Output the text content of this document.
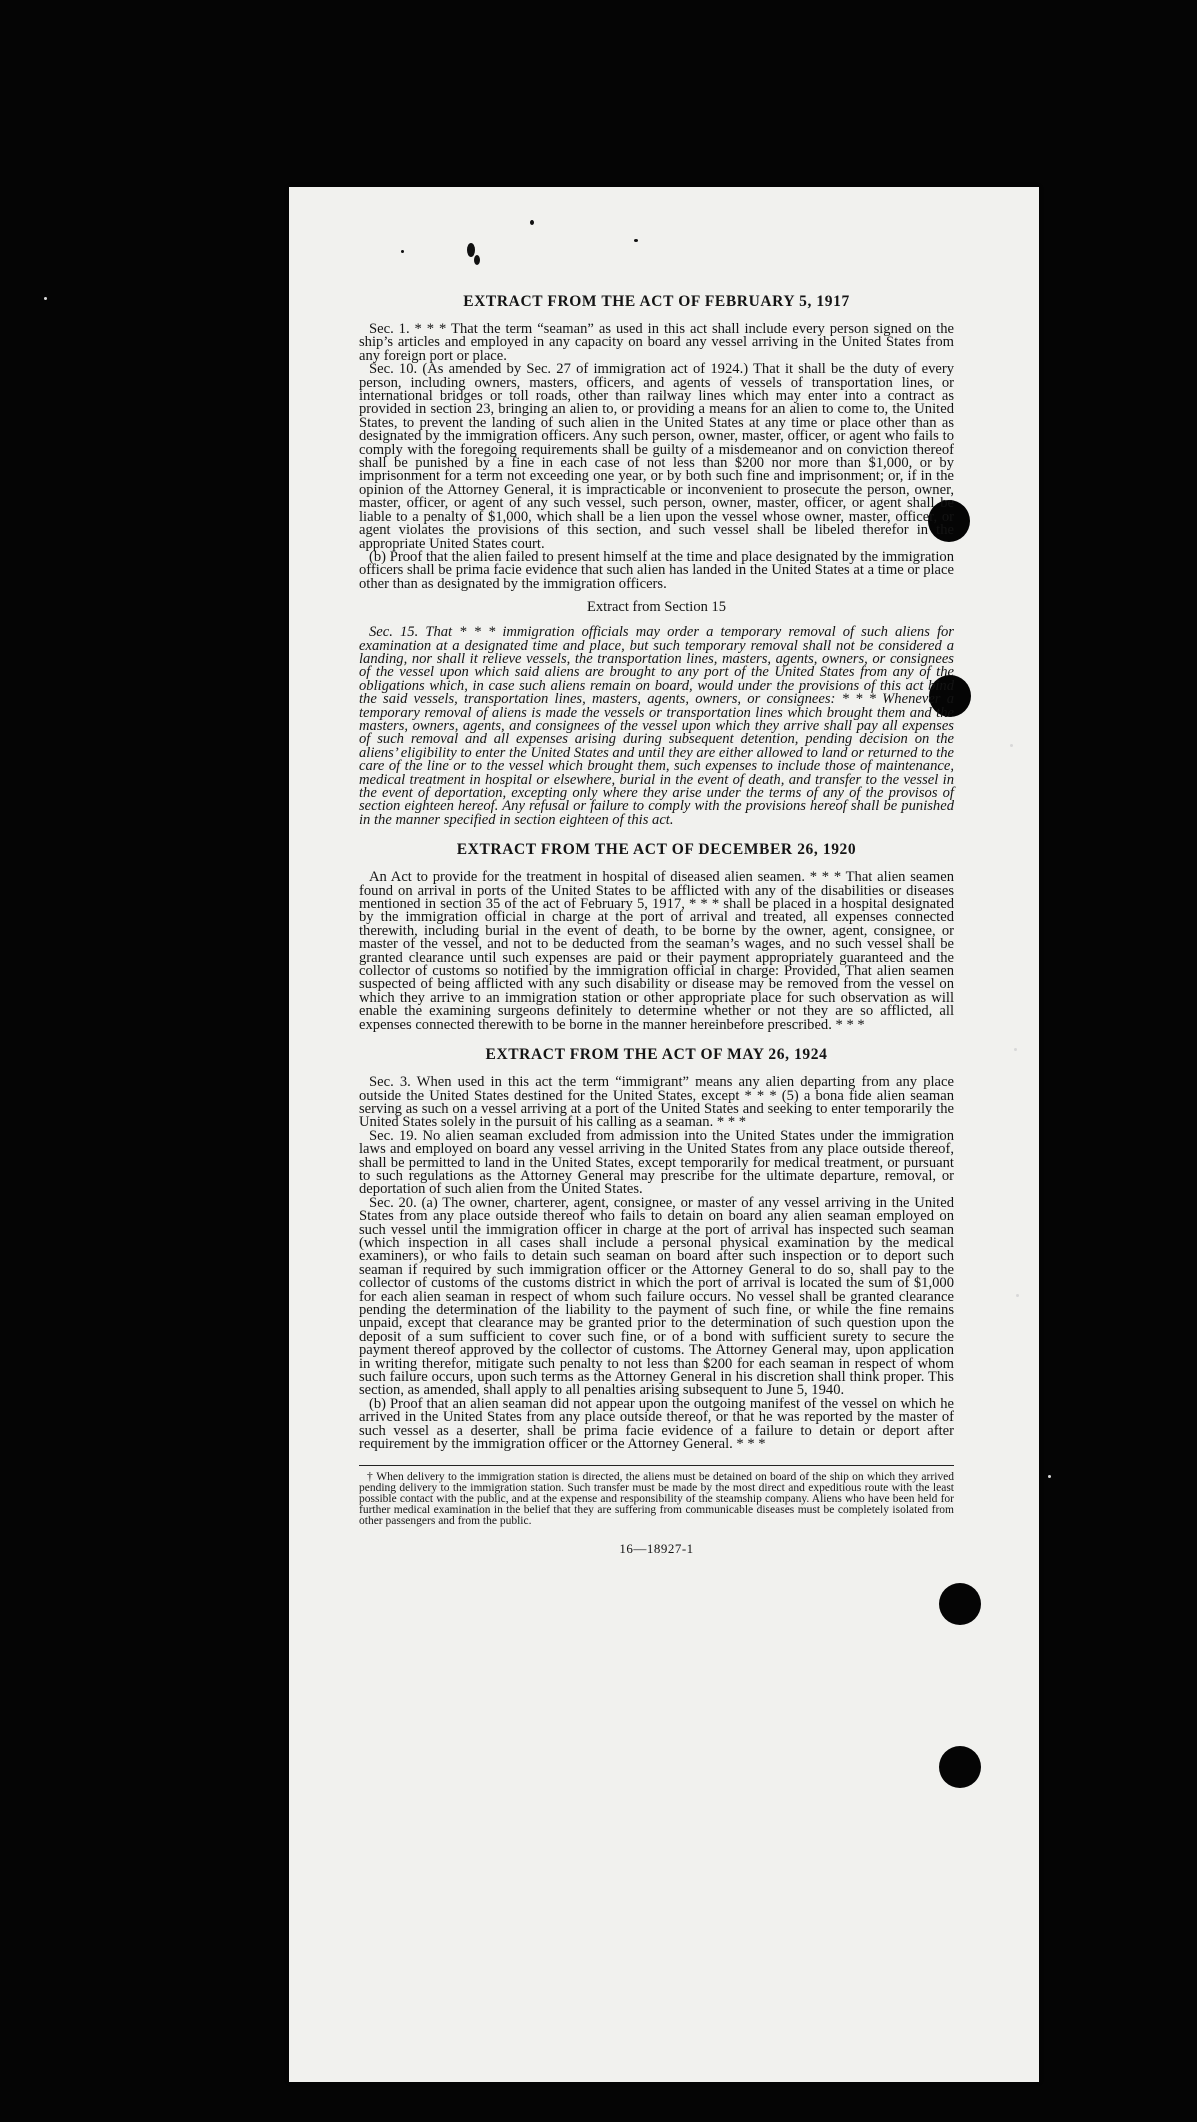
EXTRACT FROM THE ACT OF FEBRUARY 5, 1917

Sec. 1. * * * That the term “seaman” as used in this act shall include every person signed on the ship’s articles and employed in any capacity on board any vessel arriving in the United States from any foreign port or place.

Sec. 10. (As amended by Sec. 27 of immigration act of 1924.) That it shall be the duty of every person, including owners, masters, officers, and agents of vessels of transportation lines, or international bridges or toll roads, other than railway lines which may enter into a contract as provided in section 23, bringing an alien to, or providing a means for an alien to come to, the United States, to prevent the landing of such alien in the United States at any time or place other than as designated by the immigration officers. Any such person, owner, master, officer, or agent who fails to comply with the foregoing requirements shall be guilty of a misdemeanor and on conviction thereof shall be punished by a fine in each case of not less than $200 nor more than $1,000, or by imprisonment for a term not exceeding one year, or by both such fine and imprisonment; or, if in the opinion of the Attorney General, it is impracticable or inconvenient to prosecute the person, owner, master, officer, or agent of any such vessel, such person, owner, master, officer, or agent shall be liable to a penalty of $1,000, which shall be a lien upon the vessel whose owner, master, officer, or agent violates the provisions of this section, and such vessel shall be libeled therefor in the appropriate United States court.

(b) Proof that the alien failed to present himself at the time and place designated by the immigration officers shall be prima facie evidence that such alien has landed in the United States at a time or place other than as designated by the immigration officers.

Extract from Section 15

Sec. 15. That * * * immigration officials may order a temporary removal of such aliens for examination at a designated time and place, but such temporary removal shall not be considered a landing, nor shall it relieve vessels, the transportation lines, masters, agents, owners, or consignees of the vessel upon which said aliens are brought to any port of the United States from any of the obligations which, in case such aliens remain on board, would under the provisions of this act bind the said vessels, transportation lines, masters, agents, owners, or consignees: * * * Whenever a temporary removal of aliens is made the vessels or transportation lines which brought them and the masters, owners, agents, and consignees of the vessel upon which they arrive shall pay all expenses of such removal and all expenses arising during subsequent detention, pending decision on the aliens’ eligibility to enter the United States and until they are either allowed to land or returned to the care of the line or to the vessel which brought them, such expenses to include those of maintenance, medical treatment in hospital or elsewhere, burial in the event of death, and transfer to the vessel in the event of deportation, excepting only where they arise under the terms of any of the provisos of section eighteen hereof. Any refusal or failure to comply with the provisions hereof shall be punished in the manner specified in section eighteen of this act.

EXTRACT FROM THE ACT OF DECEMBER 26, 1920

An Act to provide for the treatment in hospital of diseased alien seamen. * * * That alien seamen found on arrival in ports of the United States to be afflicted with any of the disabilities or diseases mentioned in section 35 of the act of February 5, 1917, * * * shall be placed in a hospital designated by the immigration official in charge at the port of arrival and treated, all expenses connected therewith, including burial in the event of death, to be borne by the owner, agent, consignee, or master of the vessel, and not to be deducted from the seaman’s wages, and no such vessel shall be granted clearance until such expenses are paid or their payment appropriately guaranteed and the collector of customs so notified by the immigration official in charge: Provided, That alien seamen suspected of being afflicted with any such disability or disease may be removed from the vessel on which they arrive to an immigration station or other appropriate place for such observation as will enable the examining surgeons definitely to determine whether or not they are so afflicted, all expenses connected therewith to be borne in the manner hereinbefore prescribed. * * *

EXTRACT FROM THE ACT OF MAY 26, 1924

Sec. 3. When used in this act the term “immigrant” means any alien departing from any place outside the United States destined for the United States, except * * * (5) a bona fide alien seaman serving as such on a vessel arriving at a port of the United States and seeking to enter temporarily the United States solely in the pursuit of his calling as a seaman. * * *

Sec. 19. No alien seaman excluded from admission into the United States under the immigration laws and employed on board any vessel arriving in the United States from any place outside thereof, shall be permitted to land in the United States, except temporarily for medical treatment, or pursuant to such regulations as the Attorney General may prescribe for the ultimate departure, removal, or deportation of such alien from the United States.

Sec. 20. (a) The owner, charterer, agent, consignee, or master of any vessel arriving in the United States from any place outside thereof who fails to detain on board any alien seaman employed on such vessel until the immigration officer in charge at the port of arrival has inspected such seaman (which inspection in all cases shall include a personal physical examination by the medical examiners), or who fails to detain such seaman on board after such inspection or to deport such seaman if required by such immigration officer or the Attorney General to do so, shall pay to the collector of customs of the customs district in which the port of arrival is located the sum of $1,000 for each alien seaman in respect of whom such failure occurs. No vessel shall be granted clearance pending the determination of the liability to the payment of such fine, or while the fine remains unpaid, except that clearance may be granted prior to the determination of such question upon the deposit of a sum sufficient to cover such fine, or of a bond with sufficient surety to secure the payment thereof approved by the collector of customs. The Attorney General may, upon application in writing therefor, mitigate such penalty to not less than $200 for each seaman in respect of whom such failure occurs, upon such terms as the Attorney General in his discretion shall think proper. This section, as amended, shall apply to all penalties arising subsequent to June 5, 1940.

(b) Proof that an alien seaman did not appear upon the outgoing manifest of the vessel on which he arrived in the United States from any place outside thereof, or that he was reported by the master of such vessel as a deserter, shall be prima facie evidence of a failure to detain or deport after requirement by the immigration officer or the Attorney General. * * *

† When delivery to the immigration station is directed, the aliens must be detained on board of the ship on which they arrived pending delivery to the immigration station. Such transfer must be made by the most direct and expeditious route with the least possible contact with the public, and at the expense and responsibility of the steamship company. Aliens who have been held for further medical examination in the belief that they are suffering from communicable diseases must be completely isolated from other passengers and from the public.

16—18927-1
